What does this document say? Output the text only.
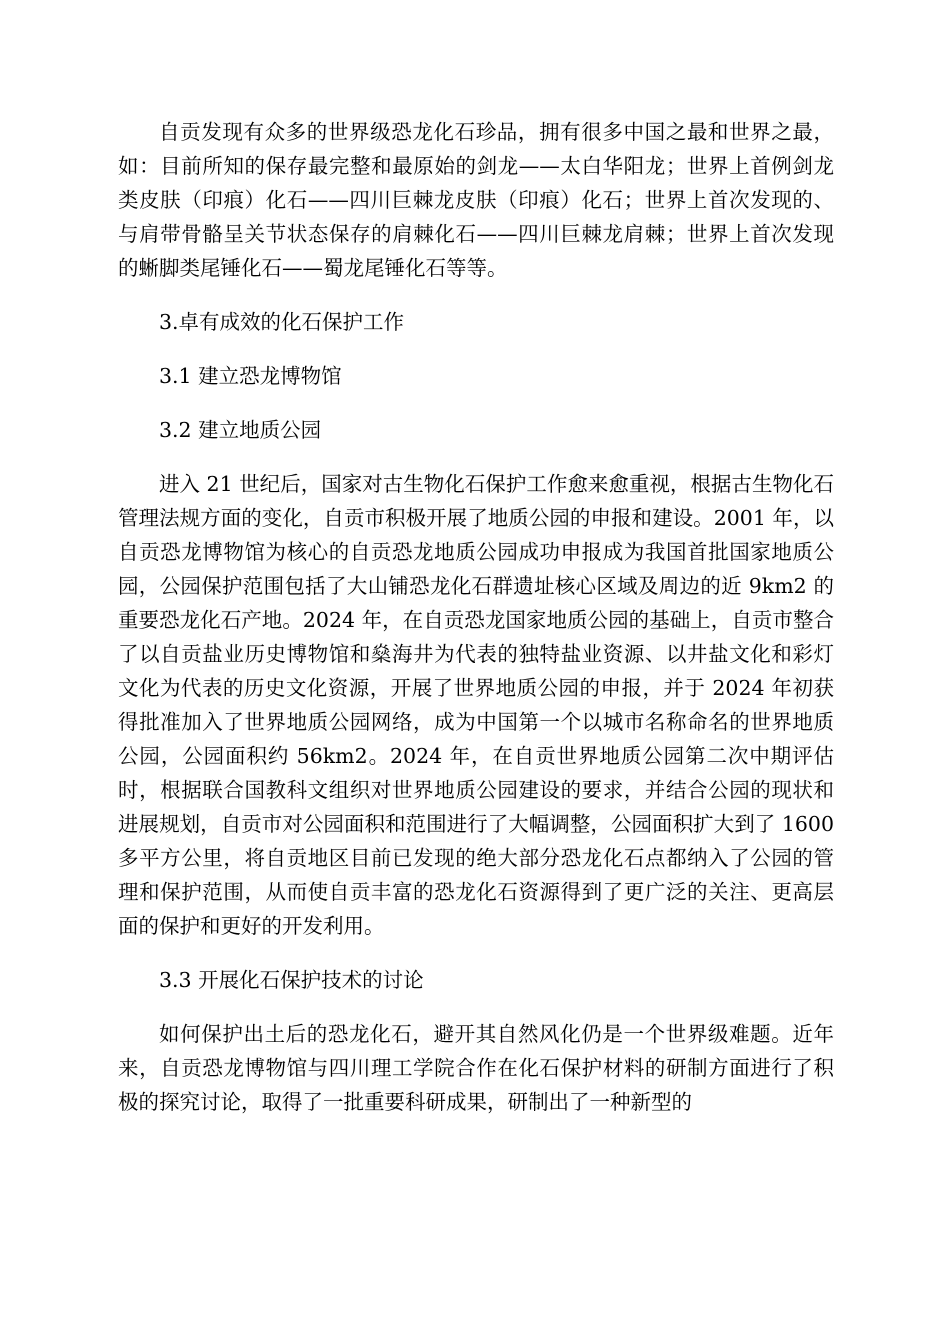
自贡发现有众多的世界级恐龙化石珍品，拥有很多中国之最和世界之最，如：目前所知的保存最完整和最原始的剑龙——太白华阳龙；世界上首例剑龙类皮肤（印痕）化石——四川巨棘龙皮肤（印痕）化石；世界上首次发现的、与肩带骨骼呈关节状态保存的肩棘化石——四川巨棘龙肩棘；世界上首次发现的蜥脚类尾锤化石——蜀龙尾锤化石等等。

3.卓有成效的化石保护工作

3.1 建立恐龙博物馆

3.2 建立地质公园

进入 21 世纪后，国家对古生物化石保护工作愈来愈重视，根据古生物化石管理法规方面的变化，自贡市积极开展了地质公园的申报和建设。2001 年，以自贡恐龙博物馆为核心的自贡恐龙地质公园成功申报成为我国首批国家地质公园，公园保护范围包括了大山铺恐龙化石群遗址核心区域及周边的近 9km2 的重要恐龙化石产地。2024 年，在自贡恐龙国家地质公园的基础上，自贡市整合了以自贡盐业历史博物馆和燊海井为代表的独特盐业资源、以井盐文化和彩灯文化为代表的历史文化资源，开展了世界地质公园的申报，并于 2024 年初获得批准加入了世界地质公园网络，成为中国第一个以城市名称命名的世界地质公园，公园面积约 56km2。2024 年，在自贡世界地质公园第二次中期评估时，根据联合国教科文组织对世界地质公园建设的要求，并结合公园的现状和进展规划，自贡市对公园面积和范围进行了大幅调整，公园面积扩大到了 1600 多平方公里，将自贡地区目前已发现的绝大部分恐龙化石点都纳入了公园的管理和保护范围，从而使自贡丰富的恐龙化石资源得到了更广泛的关注、更高层面的保护和更好的开发利用。

3.3 开展化石保护技术的讨论

如何保护出土后的恐龙化石，避开其自然风化仍是一个世界级难题。近年来，自贡恐龙博物馆与四川理工学院合作在化石保护材料的研制方面进行了积极的探究讨论，取得了一批重要科研成果，研制出了一种新型的
